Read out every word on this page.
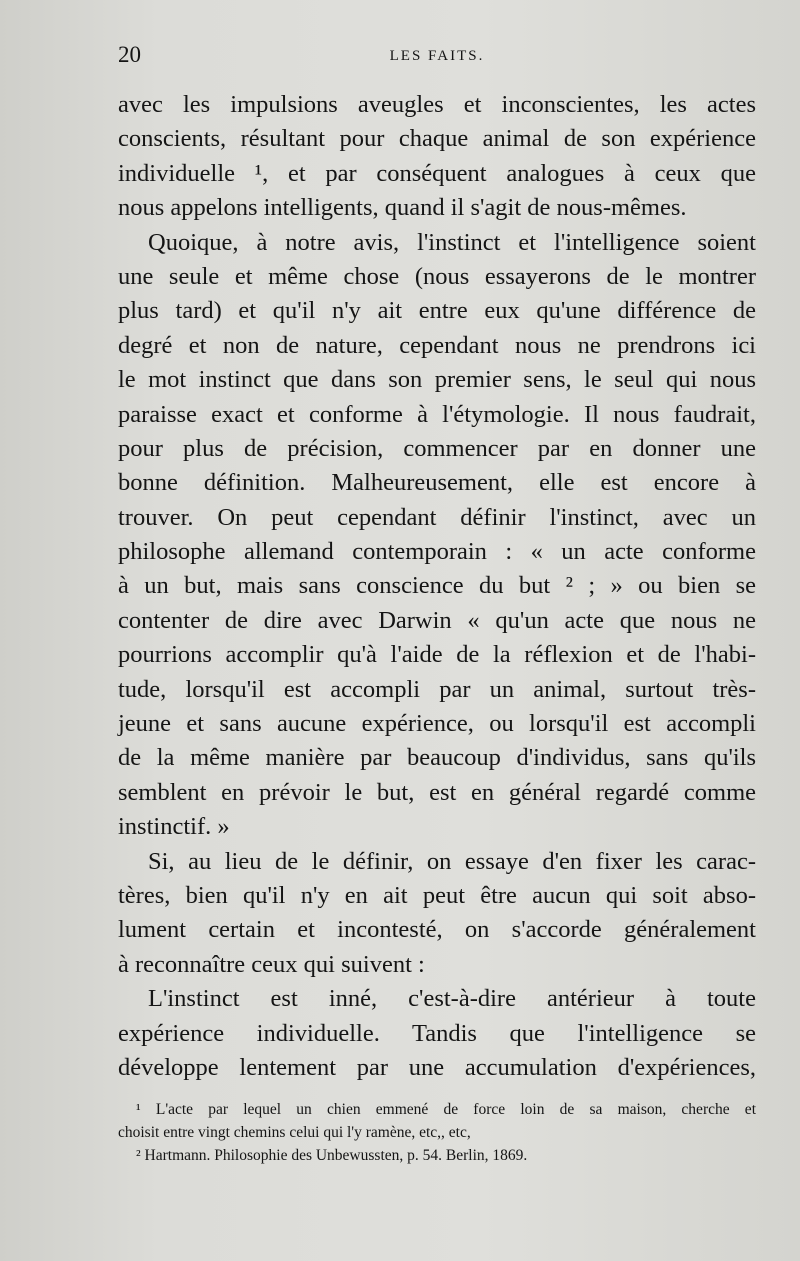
20	LES FAITS.
avec les impulsions aveugles et inconscientes, les actes
conscients, résultant pour chaque animal de son expérience
individuelle ¹, et par conséquent analogues à ceux que
nous appelons intelligents, quand il s'agit de nous-mêmes.
Quoique, à notre avis, l'instinct et l'intelligence soient
une seule et même chose (nous essayerons de le montrer
plus tard) et qu'il n'y ait entre eux qu'une différence de
degré et non de nature, cependant nous ne prendrons ici
le mot instinct que dans son premier sens, le seul qui nous
paraisse exact et conforme à l'étymologie. Il nous faudrait,
pour plus de précision, commencer par en donner une
bonne définition. Malheureusement, elle est encore à
trouver. On peut cependant définir l'instinct, avec un
philosophe allemand contemporain : « un acte conforme
à un but, mais sans conscience du but ² ; » ou bien se
contenter de dire avec Darwin « qu'un acte que nous ne
pourrions accomplir qu'à l'aide de la réflexion et de l'habi-
tude, lorsqu'il est accompli par un animal, surtout très-
jeune et sans aucune expérience, ou lorsqu'il est accompli
de la même manière par beaucoup d'individus, sans qu'ils
semblent en prévoir le but, est en général regardé comme
instinctif. »
Si, au lieu de le définir, on essaye d'en fixer les carac-
tères, bien qu'il n'y en ait peut être aucun qui soit abso-
lument certain et incontesté, on s'accorde généralement
à reconnaître ceux qui suivent :
L'instinct est inné, c'est-à-dire antérieur à toute
expérience individuelle. Tandis que l'intelligence se
développe lentement par une accumulation d'expériences,
¹ L'acte par lequel un chien emmené de force loin de sa maison, cherche et
choisit entre vingt chemins celui qui l'y ramène, etc,, etc,
² Hartmann. Philosophie des Unbewussten, p. 54. Berlin, 1869.
